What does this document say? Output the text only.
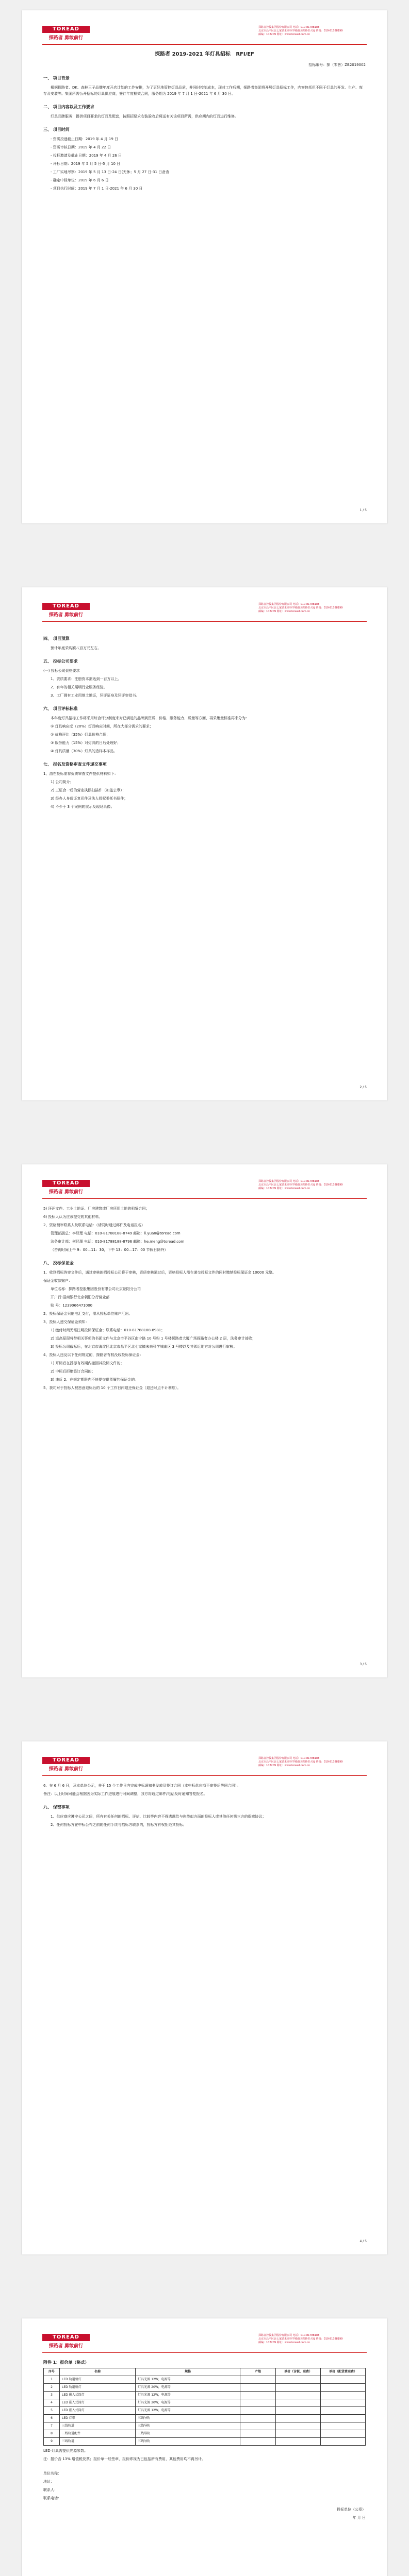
TOREAD
探路者 勇敢前行
探路者控股集团股份有限公司 电话：010-81788188
北京市昌平区北七家镇未来科学城南区探路者大厦 传真：010-81788199
邮编：102209 网址：www.toread.com.cn
探路者 2019-2021 年灯具招标   RFI/EF

招标编号：探（零售）ZB2019002

一、 项目背景

根据探路者、DK、森林王子品牌年度开店计划的工作安排，为了更好地管控灯具品质，并同时控制成本，现对工作后期，探路者集团将开展灯具招标工作，内容包括但不限于灯具的开发、生产、库存及安装等。集团所需公开招标的灯具供应商，签订年度框架合同，服务期为 2019 年 7 月 1 日-2021 年 6 月 30 日。

二、 项目内容以及工作要求

灯具品牌服务：提供项目要求的灯具及配套，按照招要求安装验收后将送有关该项目所需，供应期内的灯具进行维修。

三、 项目时间

- 资质投递截止日期：2019 年 4 月 19 日

- 资质审核日期：2019 年 4 月 22 日

- 投标邀请及截止日期：2019 年 4 月 26 日

- 评标日期：2019 年 5 月 5 日-5 月 10 日

- 工厂实地考察：2019 年 5 月 13 日-24 日(无休；5 月 27 日-31 日备查

- 确定中标单位：2019 年 6 月 6 日

- 项目执行时间：2019 年 7 月 1 日-2021 年 6 月 30 日

1 / 5
TOREAD
探路者 勇敢前行
探路者控股集团股份有限公司 电话：010-81788188
北京市昌平区北七家镇未来科学城南区探路者大厦 传真：010-81788199
邮编：102209 网址：www.toread.com.cn
四、 项目预算

预计年度采购额八百万元左右。

五、 投标公司要求

(一) 投标公司资格要求

1、资质要求：注册资本需达到一百万以上。

2、有年的相关照明行业服务经验。

3、工厂拥有工业用地土地证，环评证身及环评审批书。

六、 项目评标标准

本年度灯具招标工作将采用综合评分制度来对已满足的品牌到资质、价格、服务能力、质量等方面，再采集量标准再来分为：

① 灯具响应度（20%）灯具响应时间，所在大部分需求的要求；

② 价格评比（35%）灯具价格合理；

③ 服务能力（15%）对灯具的日后处理好；

④ 灯具质量（30%）灯具的造样本样品。

七、 报名及资格审查文件递交事项

1、潜在投标需将资质审查文件提供材料如下：

1) 公司简介；

2) 三证合一后的营业执照扫描件（加盖公章）；

3) 经办人身份证复印件及法人授权委托书原件；

4) 不少于 3 个案例的展示及现场录像；

2 / 5
TOREAD
探路者 勇敢前行
探路者控股集团股份有限公司 电话：010-81788188
北京市昌平区北七家镇未来科学城南区探路者大厦 传真：010-81788199
邮编：102209 网址：www.toread.com.cn

5) 环评文件、工业土地证、厂房建筑或厂房所用土地的租赁合同；

6) 投标人认为应该提交的其他材料。

2、资格预审联系人及联系电话：（请同时通过邮件及电话报名）

管理部副总：李经理 电话：010-81788188-8749 邮箱：li.yuan@toread.com

法务审计部：何经理 电话：010-81788188-8796 邮箱：he.meng@toread.com

（咨询时间上午 9：00—11：30，下午 13：00—17：00 节假日除外）

八、 投标保证金

1、收到招标答审文件后，通过审核的招投标公司将于审核，资质审核通过后，资格投标人需在递交投标文件的同时缴纳投标保证金 10000 元整。

保证金收款账户：

单位名称：探路者控股集团股份有限公司北京朝阳分公司

开户行:招商银行北京朝阳分行营业部

账 号：1239066471000

2、投标保证金只能电汇支付，需从投标单位账户汇出。

3、投标人递交保证金须知：

1) 缴付时间无需注明投标保证金；联系电话：010-81788188-8981；

2) 退高原现将带相关事项的书面文件与北京市平谷区南宁路 10 号粉 1 号楼探路者大厦广场探路者办公楼 2 层，法务审计部收；

3) 投标公司截标后，在北京市海淀区北京市昌平区北七家镇未来科学城南区 3 号楼以及其邻近地方对公司进行审核；

4、投标人违反以下任何规定的，探路者有权没收投标保证金：

1) 开标后在投标有效期内撤回其投标文件的；

2) 中标后拒绝签订合同的；

3) 违反 2、在规定期限内不能提交供货履约保证金的。

5、我司对于投标人被恶意退标后的 10 个工作日内退还保证金（退还时点不计利息）。

3 / 5
TOREAD
探路者 勇敢前行
探路者控股集团股份有限公司 电话：010-81788188
北京市昌平区北七家镇未来科学城南区探路者大厦 传真：010-81788199
邮编：102209 网址：www.toread.com.cn

6、在 6 月 6 日，及本单位公示，并于 15 个工作日内完成中标通知书发放及签订合同（本中标供应商不审签后等同合同）。

备注：以上时间可能会根据因为实际工作进展进行时间调整，我方将通过邮件/电话及时通知答复报名。

九、 保密事项

1、供应商应遵守公司之间，所有有关任何的招标、评估、比较等内容不得透露给与你类似方面的投标人或其他任何第三方的保密协议；

2、任何投标方在中标公布之前的任何手续与招标方联系的，投标方有权拒绝其投标；

4 / 5
TOREAD
探路者 勇敢前行
探路者控股集团股份有限公司 电话：010-81788188
北京市昌平区北七家镇未来科学城南区探路者大厦 传真：010-81788199
邮编：102209 网址：www.toread.com.cn

附件 1：报价单（格式）

序号	名称	规格	产地	单价（含税、运费）	单价（配货费运费）
1	LED 轨道射灯	灯具光源 12W，电源等			
2	LED 轨道射灯	灯具光源 20W，电源等			
3	LED 嵌入式筒灯	灯具光源 12W，电源等			
4	LED 嵌入式筒灯	灯具光源 20W，电源等			
5	LED 嵌入式筒灯	灯具光源 12W，电源等			
6	LED 灯带	三线导轨			
7	三线轨道	三线导轨			
8	三线轨道配件	三线导轨			
9	三线轨道	三线导轨			

LED 灯具需提供光源参数。

注：报价含 13% 增值税发票；报价单一经签章，报价即视为已包括所有费用，其他费用均不再另计。

单位名称：

地址：

联系人：

联系电话：

投标单位（公章）

年 月 日
